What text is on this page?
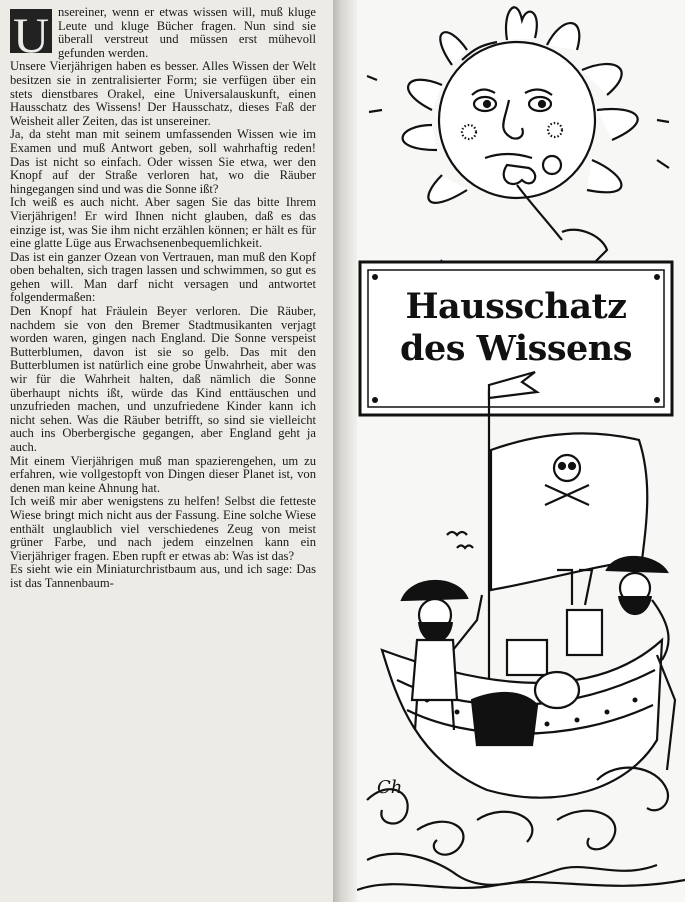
U nsereiner, wenn er etwas wissen will, muß kluge Leute und kluge Bücher fragen. Nun sind sie überall verstreut und müssen erst mühevoll gefunden werden.

Unsere Vierjährigen haben es besser. Alles Wissen der Welt besitzen sie in zentralisierter Form; sie verfügen über ein stets dienstbares Orakel, eine Universalauskunft, einen Hausschatz des Wissens! Der Hausschatz, dieses Faß der Weisheit aller Zeiten, das ist unsereiner.

Ja, da steht man mit seinem umfassenden Wissen wie im Examen und muß Antwort geben, soll wahrhaftig reden! Das ist nicht so einfach. Oder wissen Sie etwa, wer den Knopf auf der Straße verloren hat, wo die Räuber hingegangen sind und was die Sonne ißt?

Ich weiß es auch nicht. Aber sagen Sie das bitte Ihrem Vierjährigen! Er wird Ihnen nicht glauben, daß es das einzige ist, was Sie ihm nicht erzählen können; er hält es für eine glatte Lüge aus Erwachsenenbequemlichkeit.

Das ist ein ganzer Ozean von Vertrauen, man muß den Kopf oben behalten, sich tragen lassen und schwimmen, so gut es gehen will. Man darf nicht versagen und antwortet folgendermaßen:

Den Knopf hat Fräulein Beyer verloren. Die Räuber, nachdem sie von den Bremer Stadtmusikanten verjagt worden waren, gingen nach England. Die Sonne verspeist Butterblumen, davon ist sie so gelb. Das mit den Butterblumen ist natürlich eine grobe Unwahrheit, aber was wir für die Wahrheit halten, daß nämlich die Sonne überhaupt nichts ißt, würde das Kind enttäuschen und unzufrieden machen, und unzufriedene Kinder kann ich nicht sehen. Was die Räuber betrifft, so sind sie vielleicht auch ins Oberbergische gegangen, aber England geht ja auch.

Mit einem Vierjährigen muß man spazierengehen, um zu erfahren, wie vollgestopft von Dingen dieser Planet ist, von denen man keine Ahnung hat.

Ich weiß mir aber wenigstens zu helfen! Selbst die fetteste Wiese bringt mich nicht aus der Fassung. Eine solche Wiese enthält unglaublich viel verschiedenes Zeug von meist grüner Farbe, und nach jedem einzelnen kann ein Vierjähriger fragen. Eben rupft er etwas ab: Was ist das?

Es sieht wie ein Miniaturchristbaum aus, und ich sage: Das ist das Tannenbaum-

Hausschatz
des Wissens
Ch
